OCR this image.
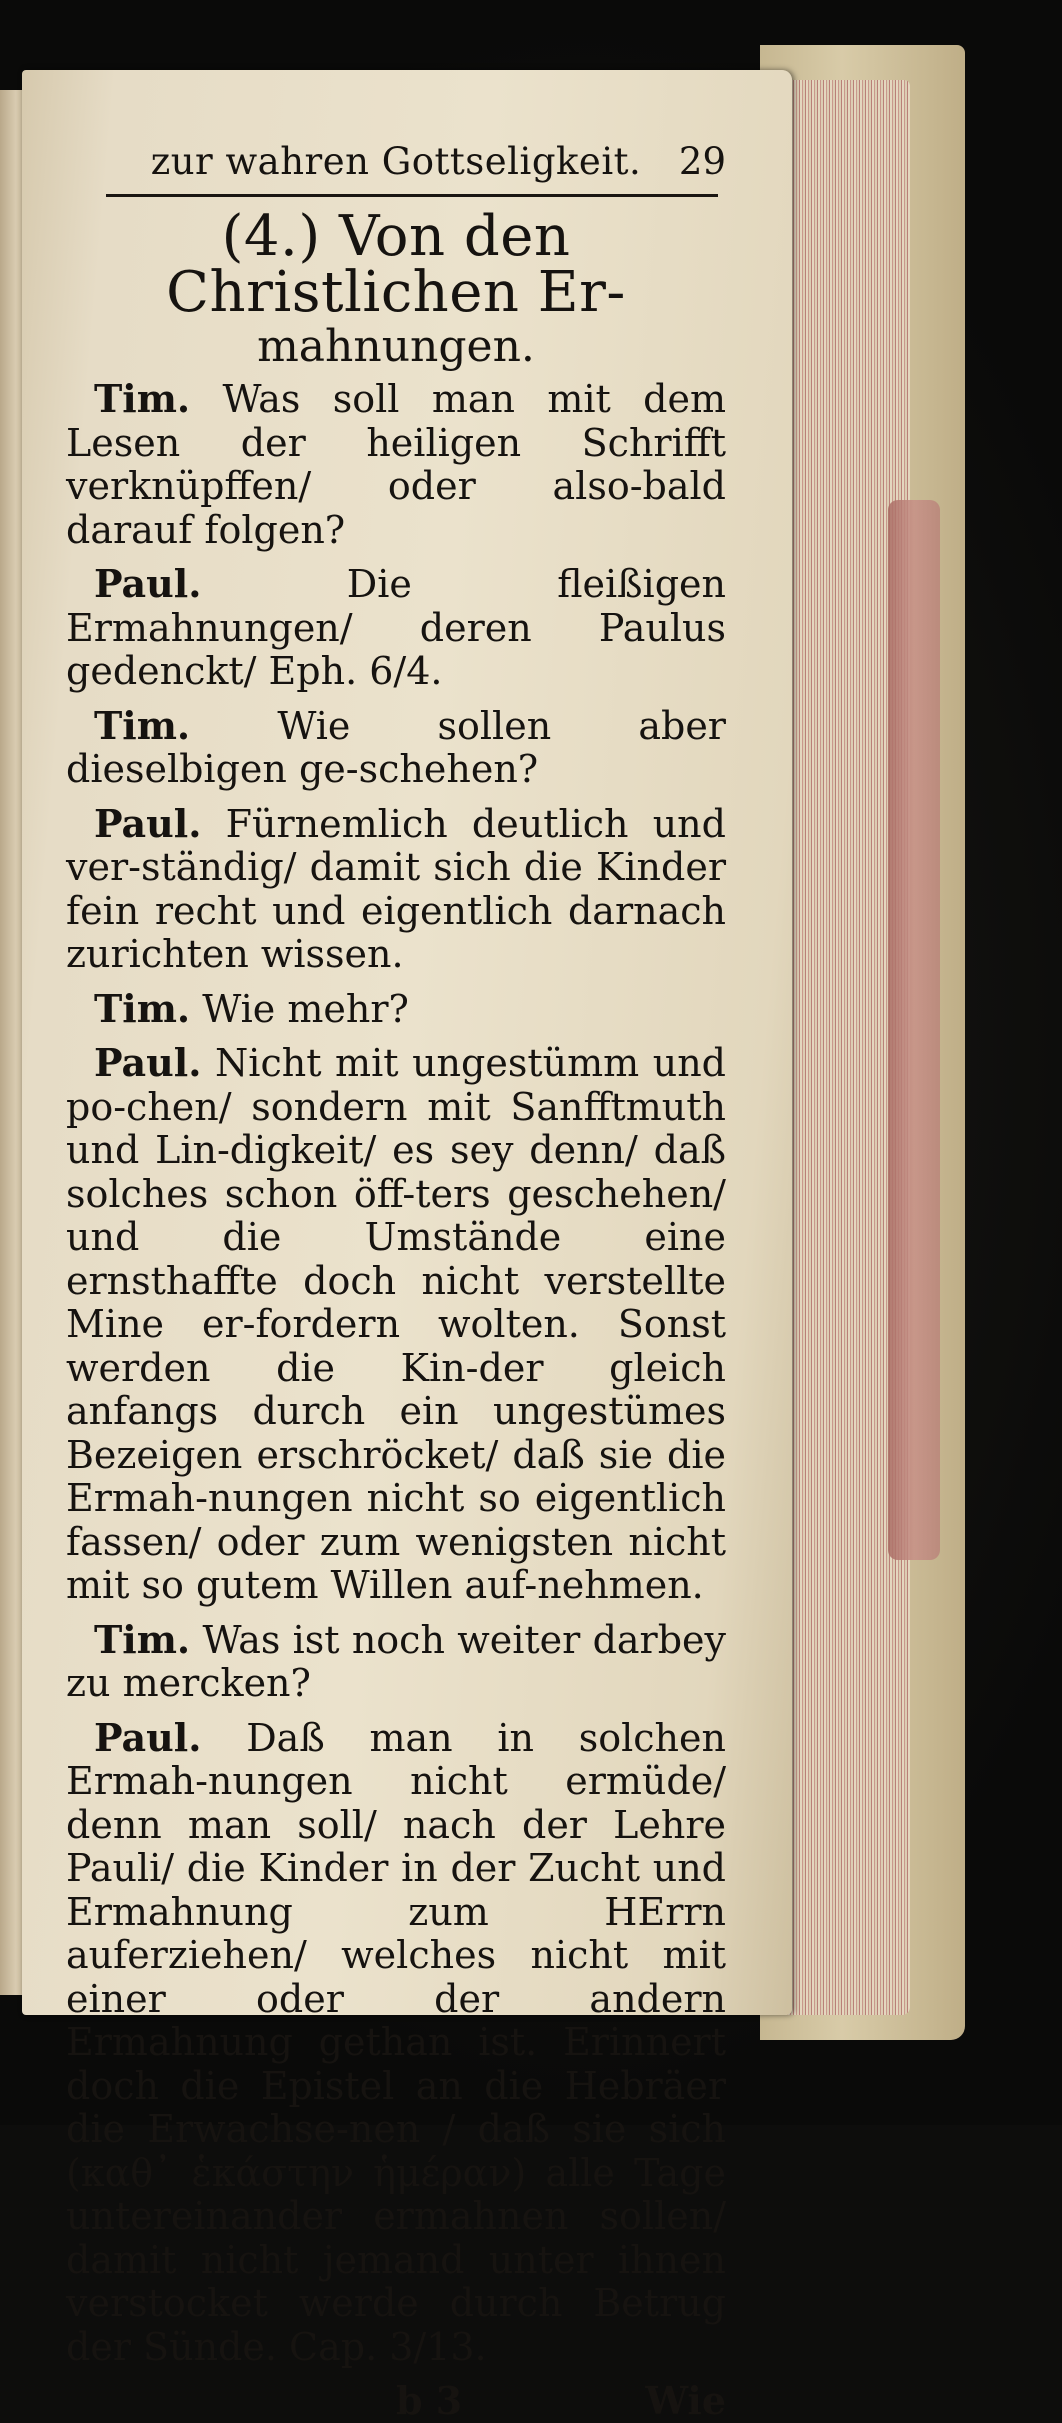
zur wahren Gottseligkeit. 29
(4.) Von den Christlichen Er-
mahnungen.

Tim. Was soll man mit dem Lesen der heiligen Schrifft verknüpffen/ oder also-bald darauf folgen?

Paul.	Die fleißigen Ermahnungen/ deren Paulus gedenckt/ Eph. 6/4.

Tim. Wie sollen aber dieselbigen ge-schehen?

Paul. Fürnemlich deutlich und ver-ständig/ damit sich die Kinder fein recht und eigentlich darnach zurichten wissen.

Tim. Wie mehr?

Paul. Nicht mit ungestümm und po-chen/ sondern mit Sanfftmuth und Lin-digkeit/ es sey denn/ daß solches schon öff-ters geschehen/ und die Umstände eine ernsthaffte doch nicht verstellte Mine er-fordern wolten. Sonst werden die Kin-der gleich anfangs durch ein ungestümes Bezeigen erschröcket/ daß sie die Ermah-nungen nicht so eigentlich fassen/ oder zum wenigsten nicht mit so gutem Willen auf-nehmen.

Tim. Was ist noch weiter darbey zu mercken?

Paul. Daß man in solchen Ermah-nungen nicht ermüde/ denn man soll/ nach der Lehre Pauli/ die Kinder in der Zucht und Ermahnung zum HErrn auferziehen/ welches nicht mit einer oder der andern Ermahnung gethan ist. Erinnert doch die Epistel an die Hebräer die Erwachse-nen / daß sie sich (καθ᾽ ἑκάστην ἡμέραν) alle Tage untereinander ermahnen sollen/ damit nicht jemand unter ihnen verstocket werde durch Betrug der Sünde. Cap. 3/13.

b 3	Wie
